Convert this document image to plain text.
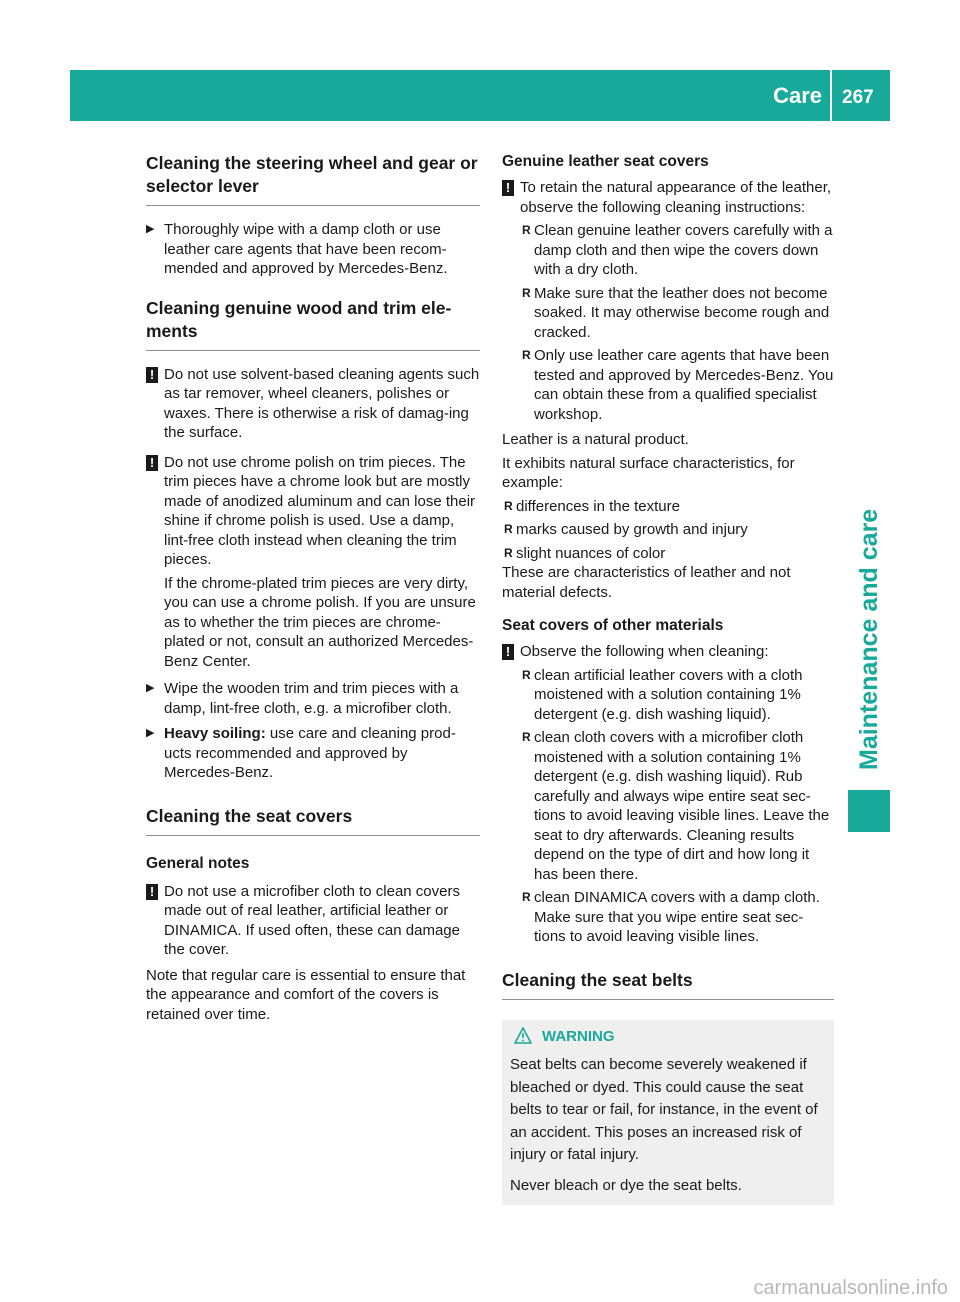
Care 267
Maintenance and care
Cleaning the steering wheel and gear or selector lever
▶ Thoroughly wipe with a damp cloth or use leather care agents that have been recom-mended and approved by Mercedes-Benz.
Cleaning genuine wood and trim ele-ments
! Do not use solvent-based cleaning agents such as tar remover, wheel cleaners, polishes or waxes. There is otherwise a risk of damag-ing the surface.
! Do not use chrome polish on trim pieces. The trim pieces have a chrome look but are mostly made of anodized aluminum and can lose their shine if chrome polish is used. Use a damp, lint-free cloth instead when cleaning the trim pieces.

If the chrome-plated trim pieces are very dirty, you can use a chrome polish. If you are unsure as to whether the trim pieces are chrome-plated or not, consult an authorized Mercedes-Benz Center.

▶ Wipe the wooden trim and trim pieces with a damp, lint-free cloth, e.g. a microfiber cloth.
▶ Heavy soiling: use care and cleaning prod-ucts recommended and approved by Mercedes-Benz.
Cleaning the seat covers
General notes
! Do not use a microfiber cloth to clean covers made out of real leather, artificial leather or DINAMICA. If used often, these can damage the cover.

Note that regular care is essential to ensure that the appearance and comfort of the covers is retained over time.

Genuine leather seat covers
! To retain the natural appearance of the leather, observe the following cleaning instructions:
R Clean genuine leather covers carefully with a damp cloth and then wipe the covers down with a dry cloth.
R Make sure that the leather does not become soaked. It may otherwise become rough and cracked.
R Only use leather care agents that have been tested and approved by Mercedes-Benz. You can obtain these from a qualified specialist workshop.

Leather is a natural product.

It exhibits natural surface characteristics, for example:

R differences in the texture
R marks caused by growth and injury
R slight nuances of color

These are characteristics of leather and not material defects.

Seat covers of other materials
! Observe the following when cleaning:
R clean artificial leather covers with a cloth moistened with a solution containing 1% detergent (e.g. dish washing liquid).
R clean cloth covers with a microfiber cloth moistened with a solution containing 1% detergent (e.g. dish washing liquid). Rub carefully and always wipe entire seat sec-tions to avoid leaving visible lines. Leave the seat to dry afterwards. Cleaning results depend on the type of dirt and how long it has been there.
R clean DINAMICA covers with a damp cloth. Make sure that you wipe entire seat sec-tions to avoid leaving visible lines.
Cleaning the seat belts
WARNING

Seat belts can become severely weakened if bleached or dyed. This could cause the seat belts to tear or fail, for instance, in the event of an accident. This poses an increased risk of injury or fatal injury.

Never bleach or dye the seat belts.

carmanualsonline.info
